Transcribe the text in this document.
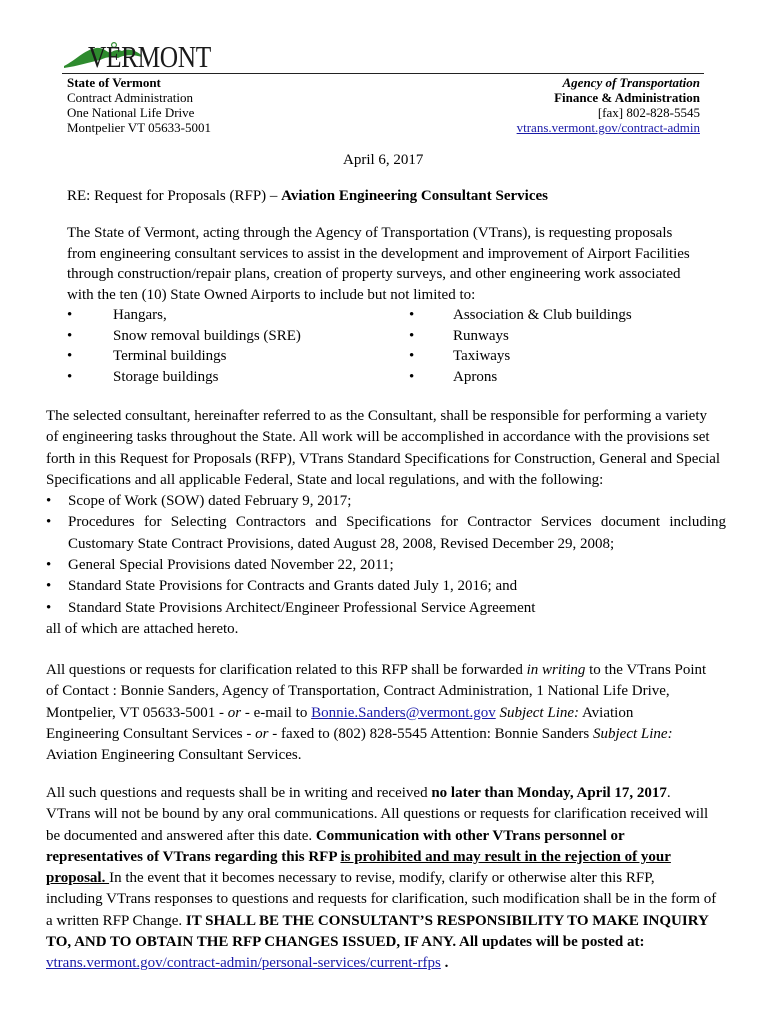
VERMONT
State of Vermont
Contract Administration
One National Life Drive
Montpelier VT 05633-5001
Agency of Transportation
Finance & Administration
[fax] 802-828-5545
vtrans.vermont.gov/contract-admin
April 6, 2017
RE: Request for Proposals (RFP) – Aviation Engineering Consultant Services
The State of Vermont, acting through the Agency of Transportation (VTrans), is requesting proposals
from engineering consultant services to assist in the development and improvement of Airport Facilities
through construction/repair plans, creation of property surveys, and other engineering work associated
with the ten (10) State Owned Airports to include but not limited to:
•	Hangars,
•	Snow removal buildings (SRE)
•	Terminal buildings
•	Storage buildings
•	Association & Club buildings
•	Runways
•	Taxiways
•	Aprons
The selected consultant, hereinafter referred to as the Consultant, shall be responsible for performing a variety
of engineering tasks throughout the State. All work will be accomplished in accordance with the provisions set
forth in this Request for Proposals (RFP), VTrans Standard Specifications for Construction, General and Special
Specifications and all applicable Federal, State and local regulations, and with the following:
• Scope of Work (SOW) dated February 9, 2017;
• Procedures for Selecting Contractors and Specifications for Contractor Services document including
Customary State Contract Provisions, dated August 28, 2008, Revised December 29, 2008;
• General Special Provisions dated November 22, 2011;
• Standard State Provisions for Contracts and Grants dated July 1, 2016; and
• Standard State Provisions Architect/Engineer Professional Service Agreement
all of which are attached hereto.
All questions or requests for clarification related to this RFP shall be forwarded in writing to the VTrans Point
of Contact : Bonnie Sanders, Agency of Transportation, Contract Administration, 1 National Life Drive,
Montpelier, VT 05633-5001 - or - e-mail to Bonnie.Sanders@vermont.gov Subject Line: Aviation
Engineering Consultant Services - or - faxed to (802) 828-5545 Attention: Bonnie Sanders Subject Line:
Aviation Engineering Consultant Services.
All such questions and requests shall be in writing and received no later than Monday, April 17, 2017.
VTrans will not be bound by any oral communications. All questions or requests for clarification received will
be documented and answered after this date. Communication with other VTrans personnel or
representatives of VTrans regarding this RFP is prohibited and may result in the rejection of your
proposal. In the event that it becomes necessary to revise, modify, clarify or otherwise alter this RFP,
including VTrans responses to questions and requests for clarification, such modification shall be in the form of
a written RFP Change. IT SHALL BE THE CONSULTANT’S RESPONSIBILITY TO MAKE INQUIRY
TO, AND TO OBTAIN THE RFP CHANGES ISSUED, IF ANY. All updates will be posted at:
vtrans.vermont.gov/contract-admin/personal-services/current-rfps .
